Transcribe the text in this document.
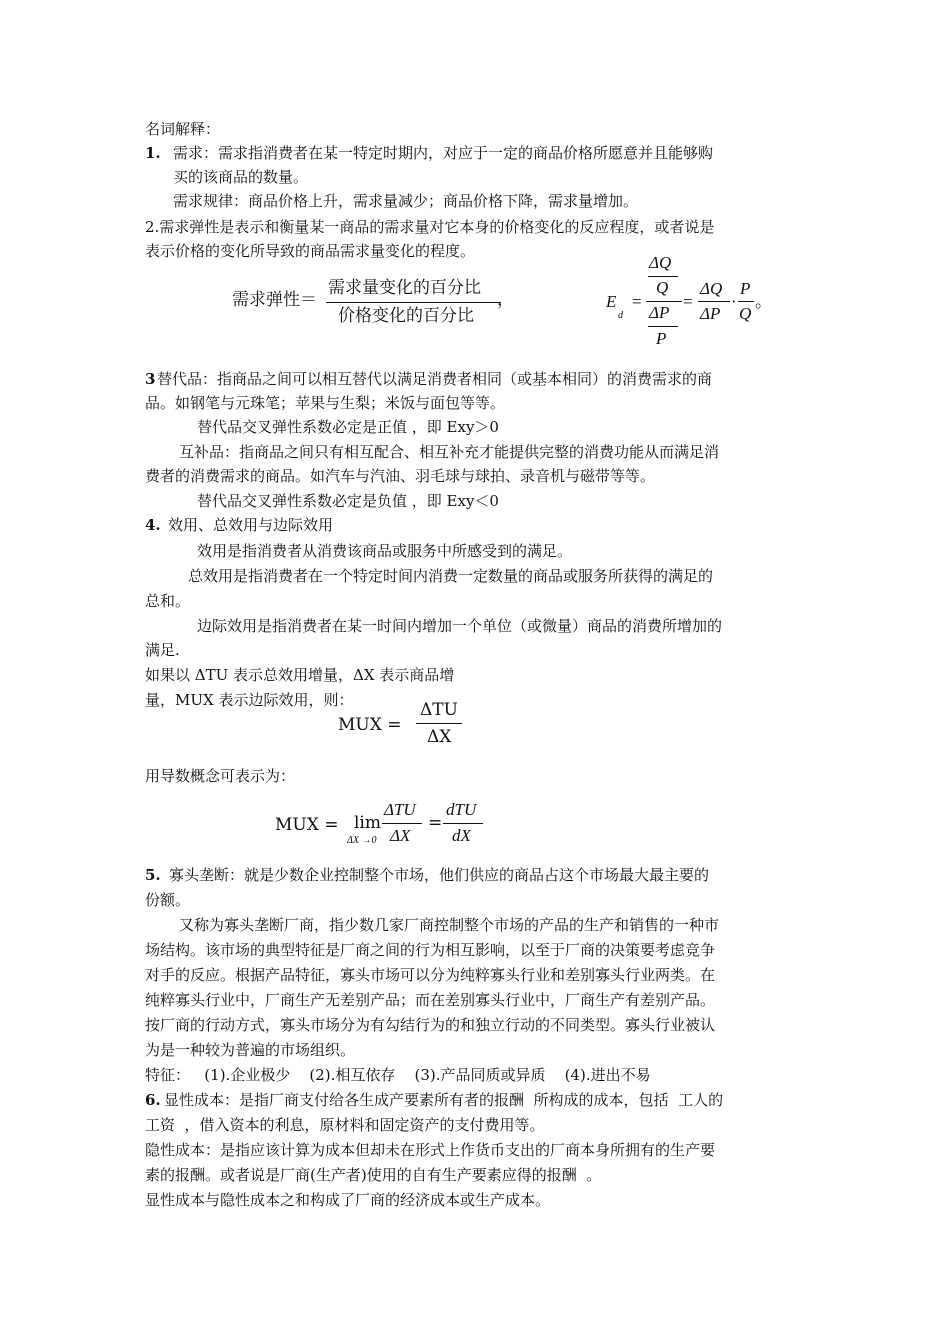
名词解释：

1. 需求：需求指消费者在某一特定时期内，对应于一定的商品价格所愿意并且能够购

买的该商品的数量。

需求规律：商品价格上升，需求量减少；商品价格下降，需求量增加。

2.需求弹性是表示和衡量某一商品的需求量对它本身的价格变化的反应程度，或者说是

表示价格的变化所导致的商品需求量变化的程度。

需求弹性＝

需求量变化的百分比

价格变化的百分比

，	E

d

=

ΔQ

Q

ΔP

P

=

ΔQ

ΔP

·

P

Q

。

3 替代品：指商品之间可以相互替代以满足消费者相同（或基本相同）的消费需求的商

品。如钢笔与元珠笔；苹果与生梨；米饭与面包等等。

替代品交叉弹性系数必定是正值 ，即 Exy＞0

互补品：指商品之间只有相互配合、相互补充才能提供完整的消费功能从而满足消

费者的消费需求的商品。如汽车与汽油、羽毛球与球拍、录音机与磁带等等。

替代品交叉弹性系数必定是负值 ，即 Exy＜0

4. 效用、总效用与边际效用

效用是指消费者从消费该商品或服务中所感受到的满足。

总效用是指消费者在一个特定时间内消费一定数量的商品或服务所获得的满足的

总和。

边际效用是指消费者在某一时间内增加一个单位（或微量）商品的消费所增加的

满足.

如果以 ΔTU 表示总效用增量，ΔX 表示商品增

量，MUX 表示边际效用，则：

MUX =

ΔTU

ΔX

用导数概念可表示为：

MUX = lim

ΔX →0

ΔTU

ΔX

=

dTU

dX

5. 寡头垄断：就是少数企业控制整个市场，他们供应的商品占这个市场最大最主要的

份额。

又称为寡头垄断厂商，指少数几家厂商控制整个市场的产品的生产和销售的一种市

场结构。该市场的典型特征是厂商之间的行为相互影响，以至于厂商的决策要考虑竞争

对手的反应。根据产品特征，寡头市场可以分为纯粹寡头行业和差别寡头行业两类。在

纯粹寡头行业中，厂商生产无差别产品；而在差别寡头行业中，厂商生产有差别产品。

按厂商的行动方式，寡头市场分为有勾结行为的和独立行动的不同类型。寡头行业被认

为是一种较为普遍的市场组织。

特征：   (1).企业极少    (2).相互依存    (3).产品同质或异质    (4).进出不易

6. 显性成本：是指厂商支付给各生成产要素所有者的报酬  所构成的成本，包括  工人的

工资  ，借入资本的利息，原材料和固定资产的支付费用等。

隐性成本：是指应该计算为成本但却未在形式上作货币支出的厂商本身所拥有的生产要

素的报酬。或者说是厂商(生产者)使用的自有生产要素应得的报酬  。

显性成本与隐性成本之和构成了厂商的经济成本或生产成本。
